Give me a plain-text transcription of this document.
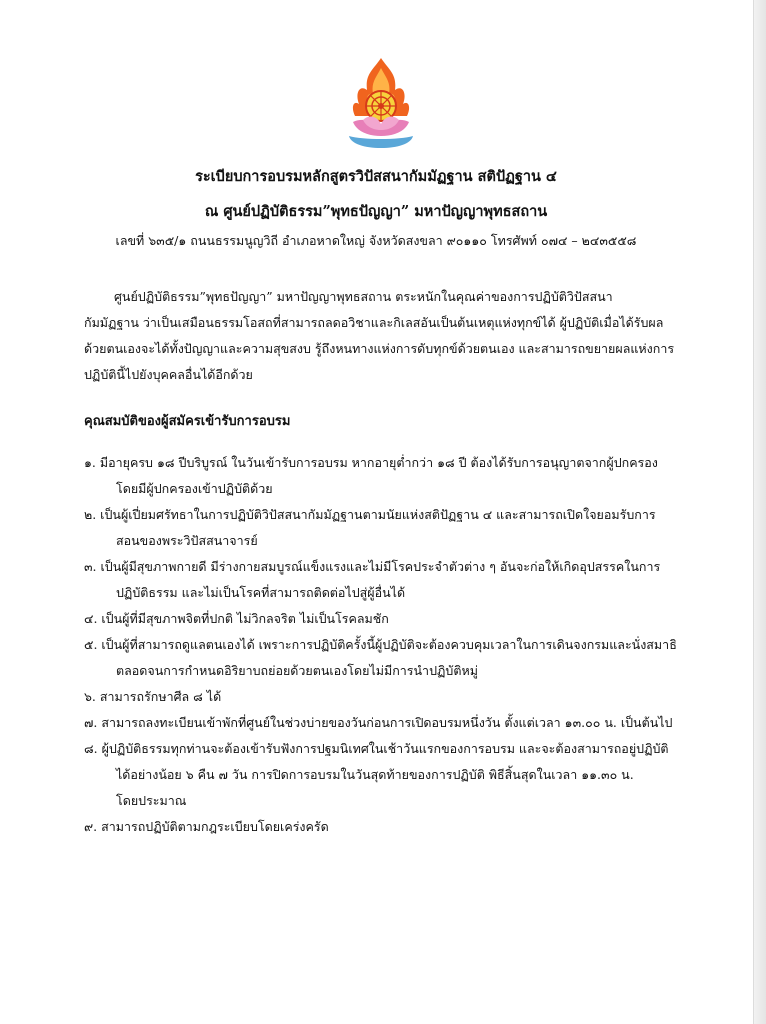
ระเบียบการอบรมหลักสูตรวิปัสสนากัมมัฏฐาน สติปัฏฐาน ๔
ณ ศูนย์ปฏิบัติธรรม”พุทธปัญญา” มหาปัญญาพุทธสถาน
เลขที่ ๖๓๕/๑ ถนนธรรมนูญวิถี อำเภอหาดใหญ่ จังหวัดสงขลา ๙๐๑๑๐ โทรศัพท์ ๐๗๔ – ๒๔๓๕๕๘
ศูนย์ปฏิบัติธรรม”พุทธปัญญา” มหาปัญญาพุทธสถาน ตระหนักในคุณค่าของการปฏิบัติวิปัสสนา
กัมมัฏฐาน ว่าเป็นเสมือนธรรมโอสถที่สามารถลดอวิชาและกิเลสอันเป็นต้นเหตุแห่งทุกข์ได้ ผู้ปฏิบัติเมื่อได้รับผล
ด้วยตนเองจะได้ทั้งปัญญาและความสุขสงบ รู้ถึงหนทางแห่งการดับทุกข์ด้วยตนเอง และสามารถขยายผลแห่งการ
ปฏิบัตินี้ไปยังบุคคลอื่นได้อีกด้วย
คุณสมบัติของผู้สมัครเข้ารับการอบรม
๑. มีอายุครบ ๑๘ ปีบริบูรณ์ ในวันเข้ารับการอบรม หากอายุต่ำกว่า ๑๘ ปี ต้องได้รับการอนุญาตจากผู้ปกครอง
โดยมีผู้ปกครองเข้าปฏิบัติด้วย
๒. เป็นผู้เปี่ยมศรัทธาในการปฏิบัติวิปัสสนากัมมัฏฐานตามนัยแห่งสติปัฏฐาน ๔ และสามารถเปิดใจยอมรับการ
สอนของพระวิปัสสนาจารย์
๓. เป็นผู้มีสุขภาพกายดี มีร่างกายสมบูรณ์แข็งแรงและไม่มีโรคประจำตัวต่าง ๆ อันจะก่อให้เกิดอุปสรรคในการ
ปฏิบัติธรรม และไม่เป็นโรคที่สามารถติดต่อไปสู่ผู้อื่นได้
๔. เป็นผู้ที่มีสุขภาพจิตที่ปกติ ไม่วิกลจริต ไม่เป็นโรคลมชัก
๕. เป็นผู้ที่สามารถดูแลตนเองได้ เพราะการปฏิบัติครั้งนี้ผู้ปฏิบัติจะต้องควบคุมเวลาในการเดินจงกรมและนั่งสมาธิ
ตลอดจนการกำหนดอิริยาบถย่อยด้วยตนเองโดยไม่มีการนำปฏิบัติหมู่
๖. สามารถรักษาศีล ๘ ได้
๗. สามารถลงทะเบียนเข้าพักที่ศูนย์ในช่วงบ่ายของวันก่อนการเปิดอบรมหนึ่งวัน ตั้งแต่เวลา ๑๓.๐๐ น. เป็นต้นไป
๘. ผู้ปฏิบัติธรรมทุกท่านจะต้องเข้ารับฟังการปฐมนิเทศในเช้าวันแรกของการอบรม และจะต้องสามารถอยู่ปฏิบัติ
ได้อย่างน้อย ๖ คืน ๗ วัน การปิดการอบรมในวันสุดท้ายของการปฏิบัติ พิธีสิ้นสุดในเวลา ๑๑.๓๐ น.
โดยประมาณ
๙. สามารถปฏิบัติตามกฎระเบียบโดยเคร่งครัด
